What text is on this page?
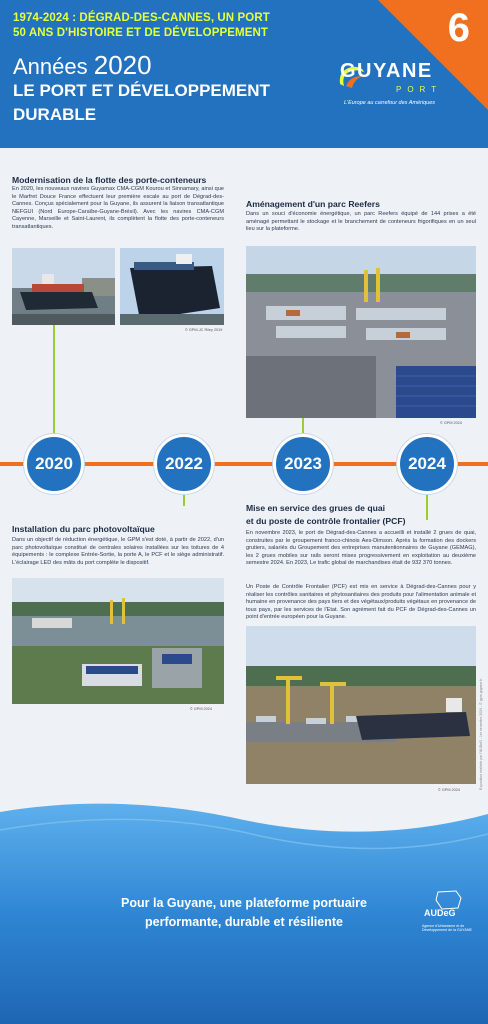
6
1974-2024 : DÉGRAD-DES-CANNES, UN PORT
50 ANS D'HISTOIRE ET DE DÉVELOPPEMENT
Années 2020
LE PORT ET DÉVELOPPEMENT
DURABLE
GUYANE
PORT
L'Europe au carrefour des Amériques
Modernisation de la flotte des porte-conteneurs
En 2020, les nouveaux navires Guyamax CMA-CGM Kourou et Sinnamary, ainsi que le Marfret Douce France effectuent leur première escale au port de Dégrad-des-Cannes. Conçus spécialement pour la Guyane, ils assurent la liaison transatlantique NEFGUI (Nord Europe-Caraïbe-Guyane-Brésil). Avec les navires CMA-CGM Cayenne, Marseille et Saint-Laurent, ils complètent la flotte des porte-conteneurs transatlantiques.
© GPM-JC Riley 2019
Aménagement d'un parc Reefers
Dans un souci d'économie énergétique, un parc Reefers équipé de 144 prises a été aménagé permettant le stockage et le branchement de conteneurs frigorifiques en un seul lieu sur la plateforme.
© GPM 2024
2020	2022	2023	2024
Installation du parc photovoltaïque
Dans un objectif de réduction énergétique, le GPM s'est doté, à partir de 2022, d'un parc photovoltaïque constitué de centrales solaires installées sur les toitures de 4 équipements : le complexe Entrée-Sortie, la porte A, le PCF et le siège administratif. L'éclairage LED des mâts du port complète le dispositif.
© GPM 2024
Mise en service des grues de quai
et du poste de contrôle frontalier (PCF)
En novembre 2023, le port de Dégrad-des-Cannes a accueilli et installé 2 grues de quai, construites par le groupement franco-chinois Aes-Dimson. Après la formation des dockers grutiers, salariés du Groupement des entreprises manutentionnaires de Guyane (GEMAG), les 2 grues mobiles sur rails seront mises progressivement en exploitation au deuxième semestre 2024. En 2023, Le trafic global de marchandises était de 932 370 tonnes.
Un Poste de Contrôle Frontalier (PCF) est mis en service à Dégrad-des-Cannes pour y réaliser les contrôles sanitaires et phytosanitaires des produits pour l'alimentation animale et humaine en provenance des pays tiers et des végétaux/produits végétaux en provenance de tous pays, par les services de l'Etat. Son agrément fait du PCF de Dégrad-des-Cannes un point d'entrée européen pour la Guyane.
© GPM 2024	Exposition réalisée par l'AUDeG - 1er semestre 2024 - © gpm-guyane.fr
Pour la Guyane, une plateforme portuaire
performante, durable et résiliente
AUDeG
Agence d'Urbanisme et de Développement de la GUYANE
